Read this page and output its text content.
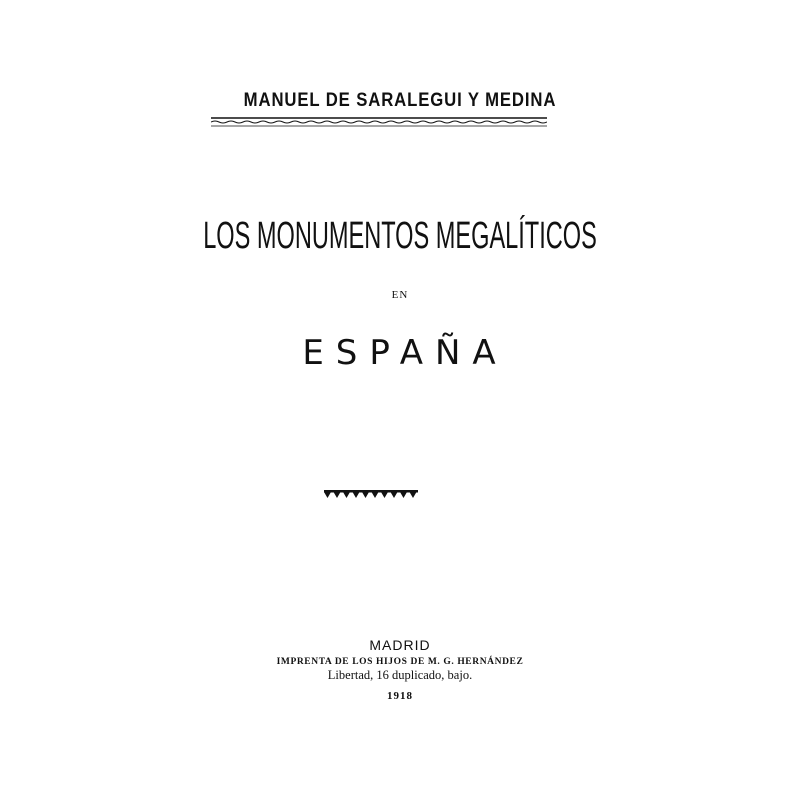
MANUEL DE SARALEGUI Y MEDINA
LOS MONUMENTOS MEGALÍTICOS
EN
ESPAÑA
MADRID
IMPRENTA DE LOS HIJOS DE M. G. HERNÁNDEZ
Libertad, 16 duplicado, bajo.
1918
